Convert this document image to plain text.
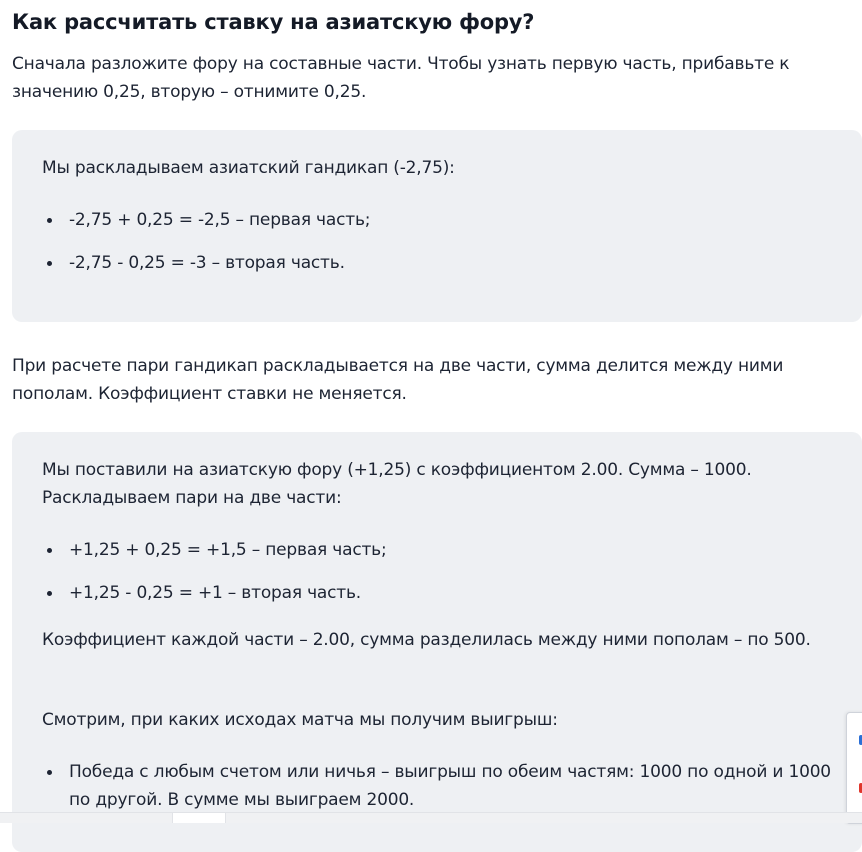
Как рассчитать ставку на азиатскую фору?

Сначала разложите фору на составные части. Чтобы узнать первую часть, прибавьте к значению 0,25, вторую – отнимите 0,25.

Мы раскладываем азиатский гандикап (-2,75):

-2,75 + 0,25 = -2,5 – первая часть;
-2,75 - 0,25 = -3 – вторая часть.

При расчете пари гандикап раскладывается на две части, сумма делится между ними пополам. Коэффициент ставки не меняется.

Мы поставили на азиатскую фору (+1,25) с коэффициентом 2.00. Сумма – 1000. Раскладываем пари на две части:

+1,25 + 0,25 = +1,5 – первая часть;
+1,25 - 0,25 = +1 – вторая часть.

Коэффициент каждой части – 2.00, сумма разделилась между ними пополам – по 500.

Смотрим, при каких исходах матча мы получим выигрыш:

Победа с любым счетом или ничья – выигрыш по обеим частям: 1000 по одной и 1000 по другой. В сумме мы выиграем 2000.
